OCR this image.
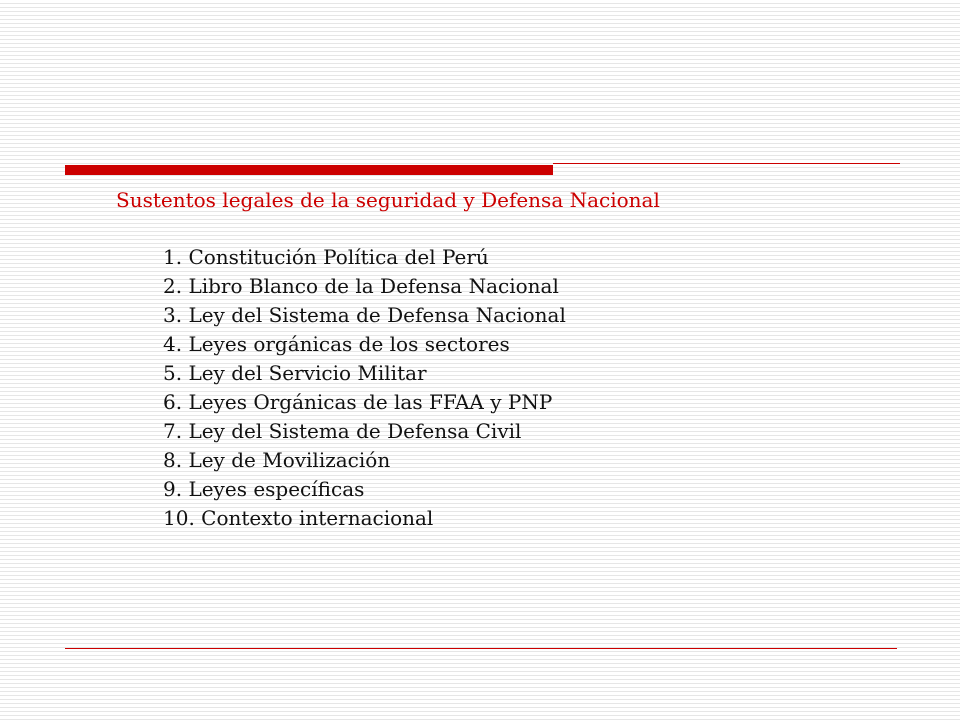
Sustentos legales de la seguridad y Defensa Nacional
1. Constitución Política del Perú
2. Libro Blanco de la Defensa Nacional
3. Ley del Sistema de Defensa Nacional
4. Leyes orgánicas de los sectores
5. Ley del Servicio Militar
6. Leyes Orgánicas de las FFAA y PNP
7. Ley del Sistema de Defensa Civil
8. Ley de Movilización
9. Leyes específicas
10. Contexto internacional
